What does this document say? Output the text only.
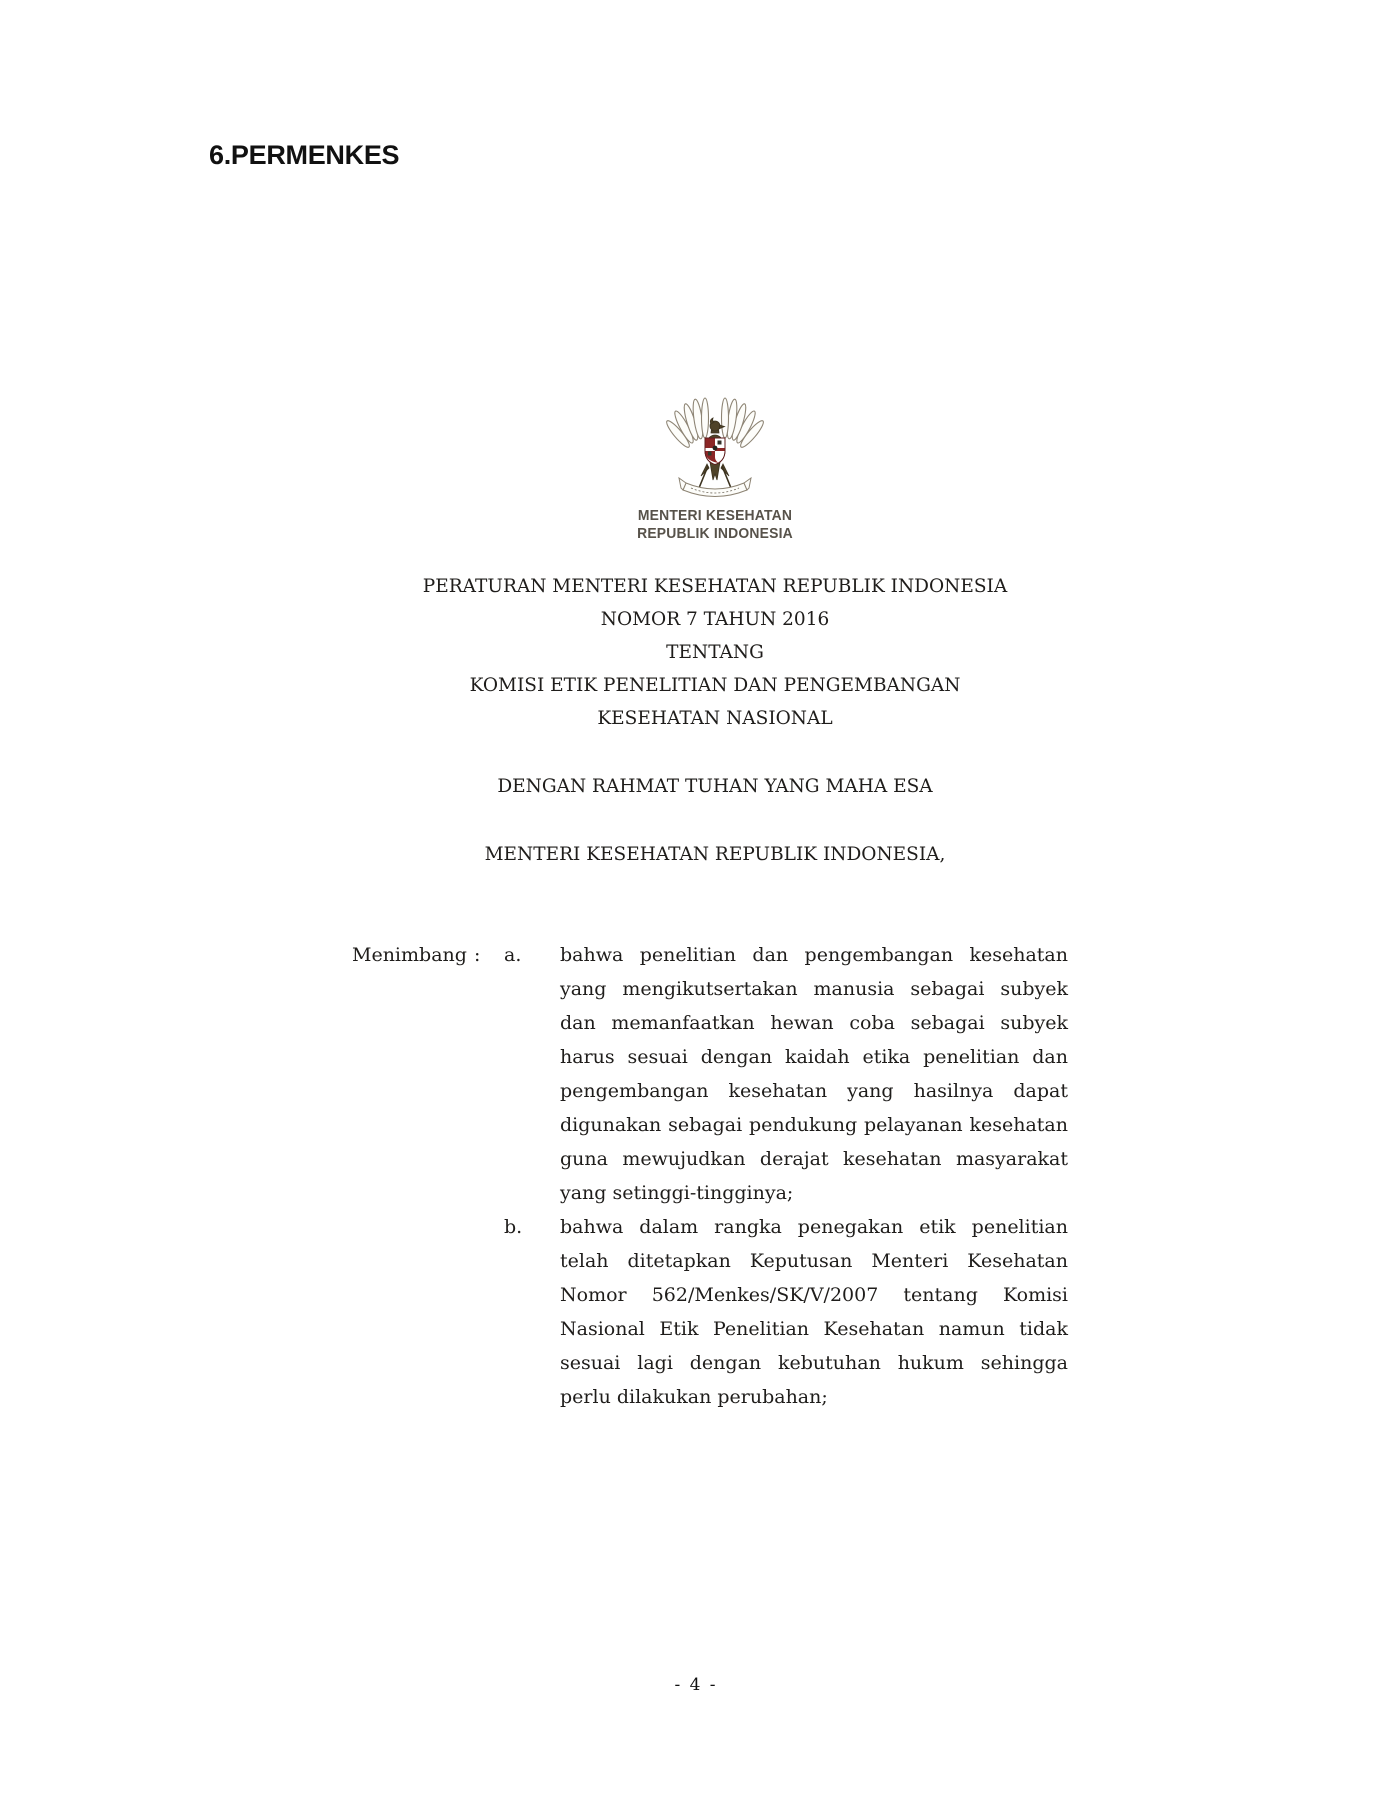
6.PERMENKES
MENTERI KESEHATAN
REPUBLIK INDONESIA
PERATURAN MENTERI KESEHATAN REPUBLIK INDONESIA
NOMOR 7 TAHUN 2016
TENTANG
KOMISI ETIK PENELITIAN DAN PENGEMBANGAN
KESEHATAN NASIONAL
DENGAN RAHMAT TUHAN YANG MAHA ESA
MENTERI KESEHATAN REPUBLIK INDONESIA,
Menimbang :	a.	bahwa penelitian dan pengembangan kesehatan yang mengikutsertakan manusia sebagai subyek dan memanfaatkan hewan coba sebagai subyek harus sesuai dengan kaidah etika penelitian dan pengembangan kesehatan yang hasilnya dapat digunakan sebagai pendukung pelayanan kesehatan guna mewujudkan derajat kesehatan masyarakat yang setinggi-tingginya;
b.	bahwa dalam rangka penegakan etik penelitian telah ditetapkan Keputusan Menteri Kesehatan Nomor 562/Menkes/SK/V/2007 tentang Komisi Nasional Etik Penelitian Kesehatan namun tidak sesuai lagi dengan kebutuhan hukum sehingga perlu dilakukan perubahan;
- 4 -
